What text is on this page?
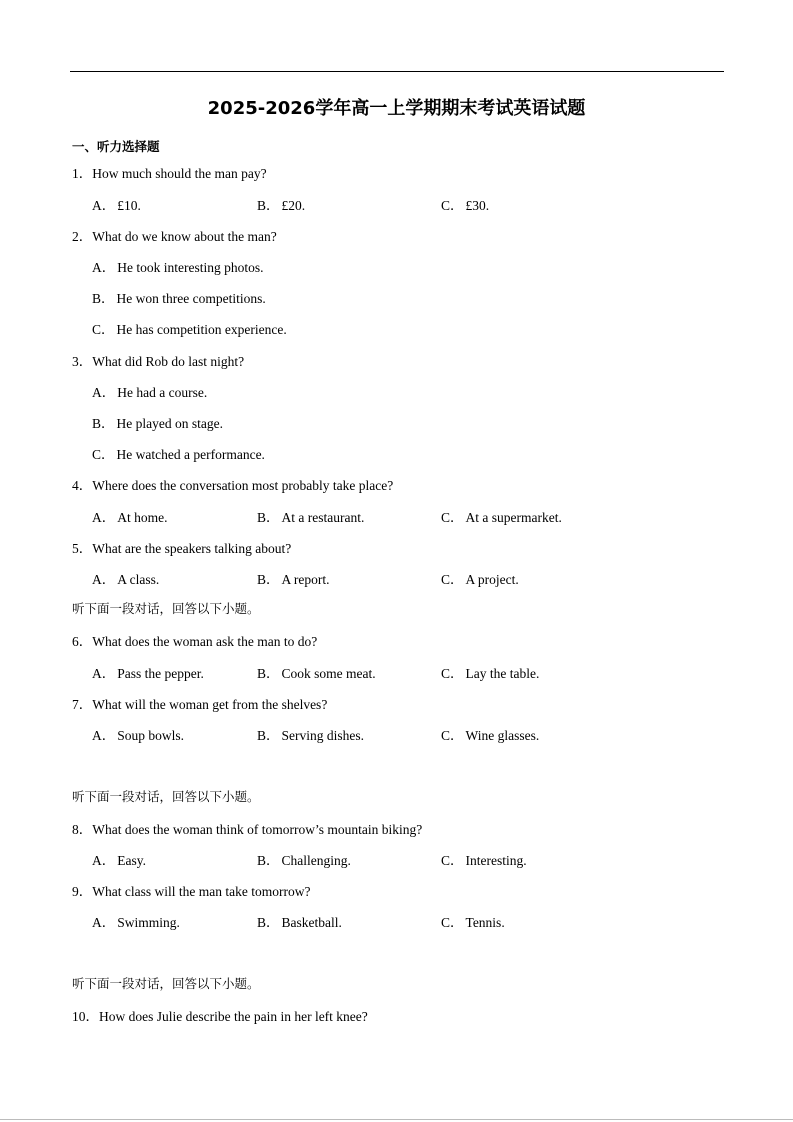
2025-2026学年高一上学期期末考试英语试题
一、听力选择题
1．How much should the man pay?
A． £10.	B． £20.	C． £30.
2．What do we know about the man?
A． He took interesting photos.
B． He won three competitions.
C． He has competition experience.
3．What did Rob do last night?
A． He had a course.
B． He played on stage.
C． He watched a performance.
4．Where does the conversation most probably take place?
A． At home.	B． At a restaurant.	C． At a supermarket.
5．What are the speakers talking about?
A． A class.	B． A report.	C． A project.
听下面一段对话，回答以下小题。
6．What does the woman ask the man to do?
A． Pass the pepper.	B． Cook some meat.	C． Lay the table.
7．What will the woman get from the shelves?
A． Soup bowls.	B． Serving dishes.	C． Wine glasses.
听下面一段对话，回答以下小题。
8．What does the woman think of tomorrow’s mountain biking?
A． Easy.	B． Challenging.	C． Interesting.
9．What class will the man take tomorrow?
A． Swimming.	B． Basketball.	C． Tennis.
听下面一段对话，回答以下小题。
10．How does Julie describe the pain in her left knee?
